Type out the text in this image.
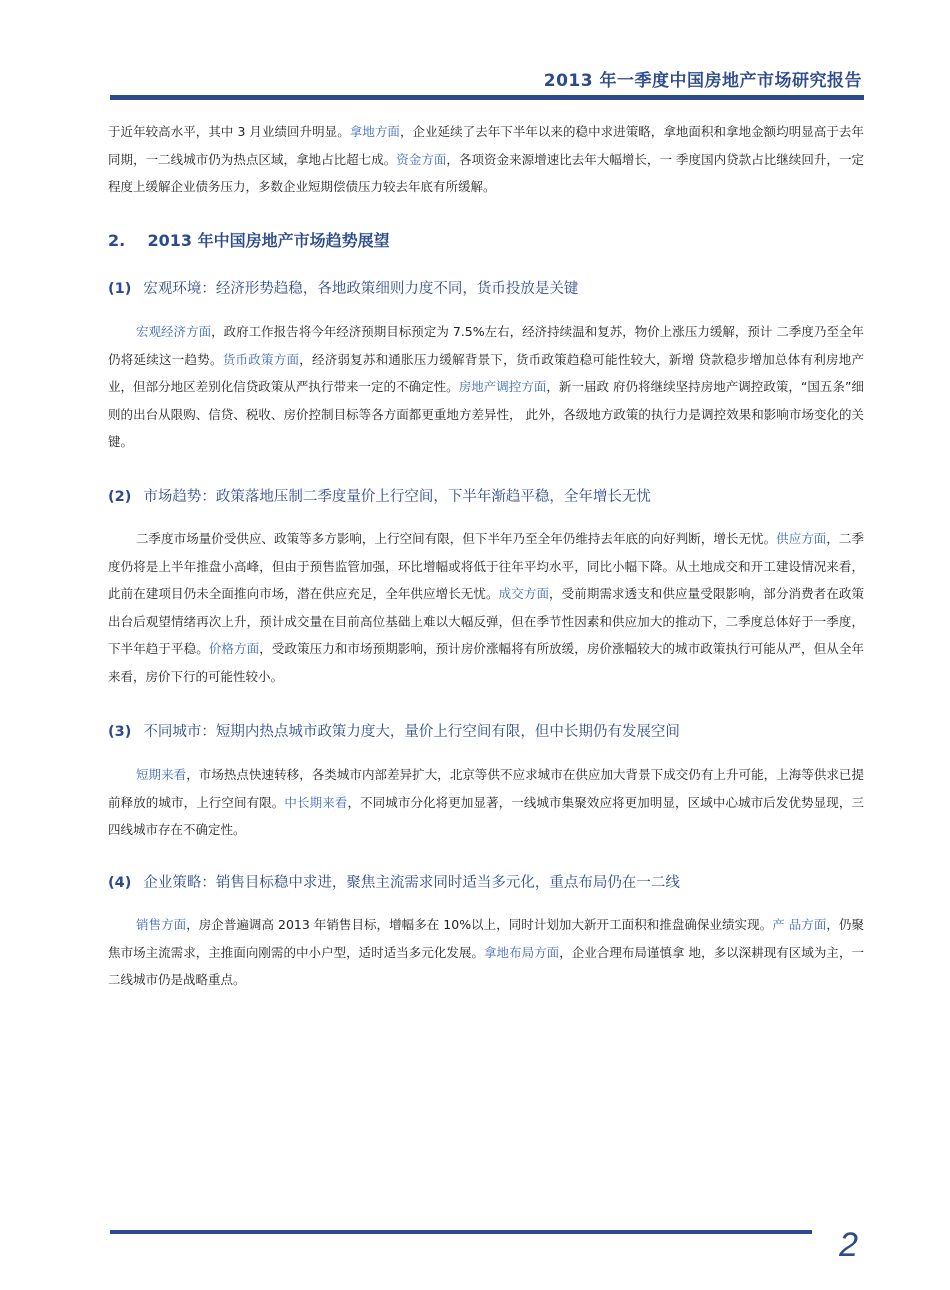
2013 年一季度中国房地产市场研究报告

于近年较高水平，其中 3 月业绩回升明显。拿地方面，企业延续了去年下半年以来的稳中求进策略，拿地面积和拿地金额均明显高于去年同期，一二线城市仍为热点区域，拿地占比超七成。资金方面，各项资金来源增速比去年大幅增长，一 季度国内贷款占比继续回升，一定程度上缓解企业债务压力，多数企业短期偿债压力较去年底有所缓解。

2. 2013 年中国房地产市场趋势展望
(1) 宏观环境：经济形势趋稳，各地政策细则力度不同，货币投放是关键

宏观经济方面，政府工作报告将今年经济预期目标预定为 7.5%左右，经济持续温和复苏，物价上涨压力缓解，预计 二季度乃至全年仍将延续这一趋势。货币政策方面，经济弱复苏和通胀压力缓解背景下，货币政策趋稳可能性较大，新增 贷款稳步增加总体有利房地产业，但部分地区差别化信贷政策从严执行带来一定的不确定性。房地产调控方面，新一届政 府仍将继续坚持房地产调控政策，“国五条”细则的出台从限购、信贷、税收、房价控制目标等各方面都更重地方差异性， 此外，各级地方政策的执行力是调控效果和影响市场变化的关键。

(2) 市场趋势：政策落地压制二季度量价上行空间，下半年渐趋平稳，全年增长无忧

二季度市场量价受供应、政策等多方影响，上行空间有限，但下半年乃至全年仍维持去年底的向好判断，增长无忧。供应方面，二季度仍将是上半年推盘小高峰，但由于预售监管加强，环比增幅或将低于往年平均水平，同比小幅下降。从土地成交和开工建设情况来看，此前在建项目仍未全面推向市场，潜在供应充足，全年供应增长无忧。成交方面，受前期需求透支和供应量受限影响，部分消费者在政策出台后观望情绪再次上升，预计成交量在目前高位基础上难以大幅反弹，但在季节性因素和供应加大的推动下，二季度总体好于一季度，下半年趋于平稳。价格方面，受政策压力和市场预期影响，预计房价涨幅将有所放缓，房价涨幅较大的城市政策执行可能从严，但从全年来看，房价下行的可能性较小。

(3) 不同城市：短期内热点城市政策力度大，量价上行空间有限，但中长期仍有发展空间

短期来看，市场热点快速转移，各类城市内部差异扩大，北京等供不应求城市在供应加大背景下成交仍有上升可能，上海等供求已提前释放的城市，上行空间有限。中长期来看，不同城市分化将更加显著，一线城市集聚效应将更加明显，区域中心城市后发优势显现，三四线城市存在不确定性。

(4) 企业策略：销售目标稳中求进，聚焦主流需求同时适当多元化，重点布局仍在一二线

销售方面，房企普遍调高 2013 年销售目标，增幅多在 10%以上，同时计划加大新开工面积和推盘确保业绩实现。产 品方面，仍聚焦市场主流需求，主推面向刚需的中小户型，适时适当多元化发展。拿地布局方面，企业合理布局谨慎拿 地，多以深耕现有区域为主，一二线城市仍是战略重点。

2
